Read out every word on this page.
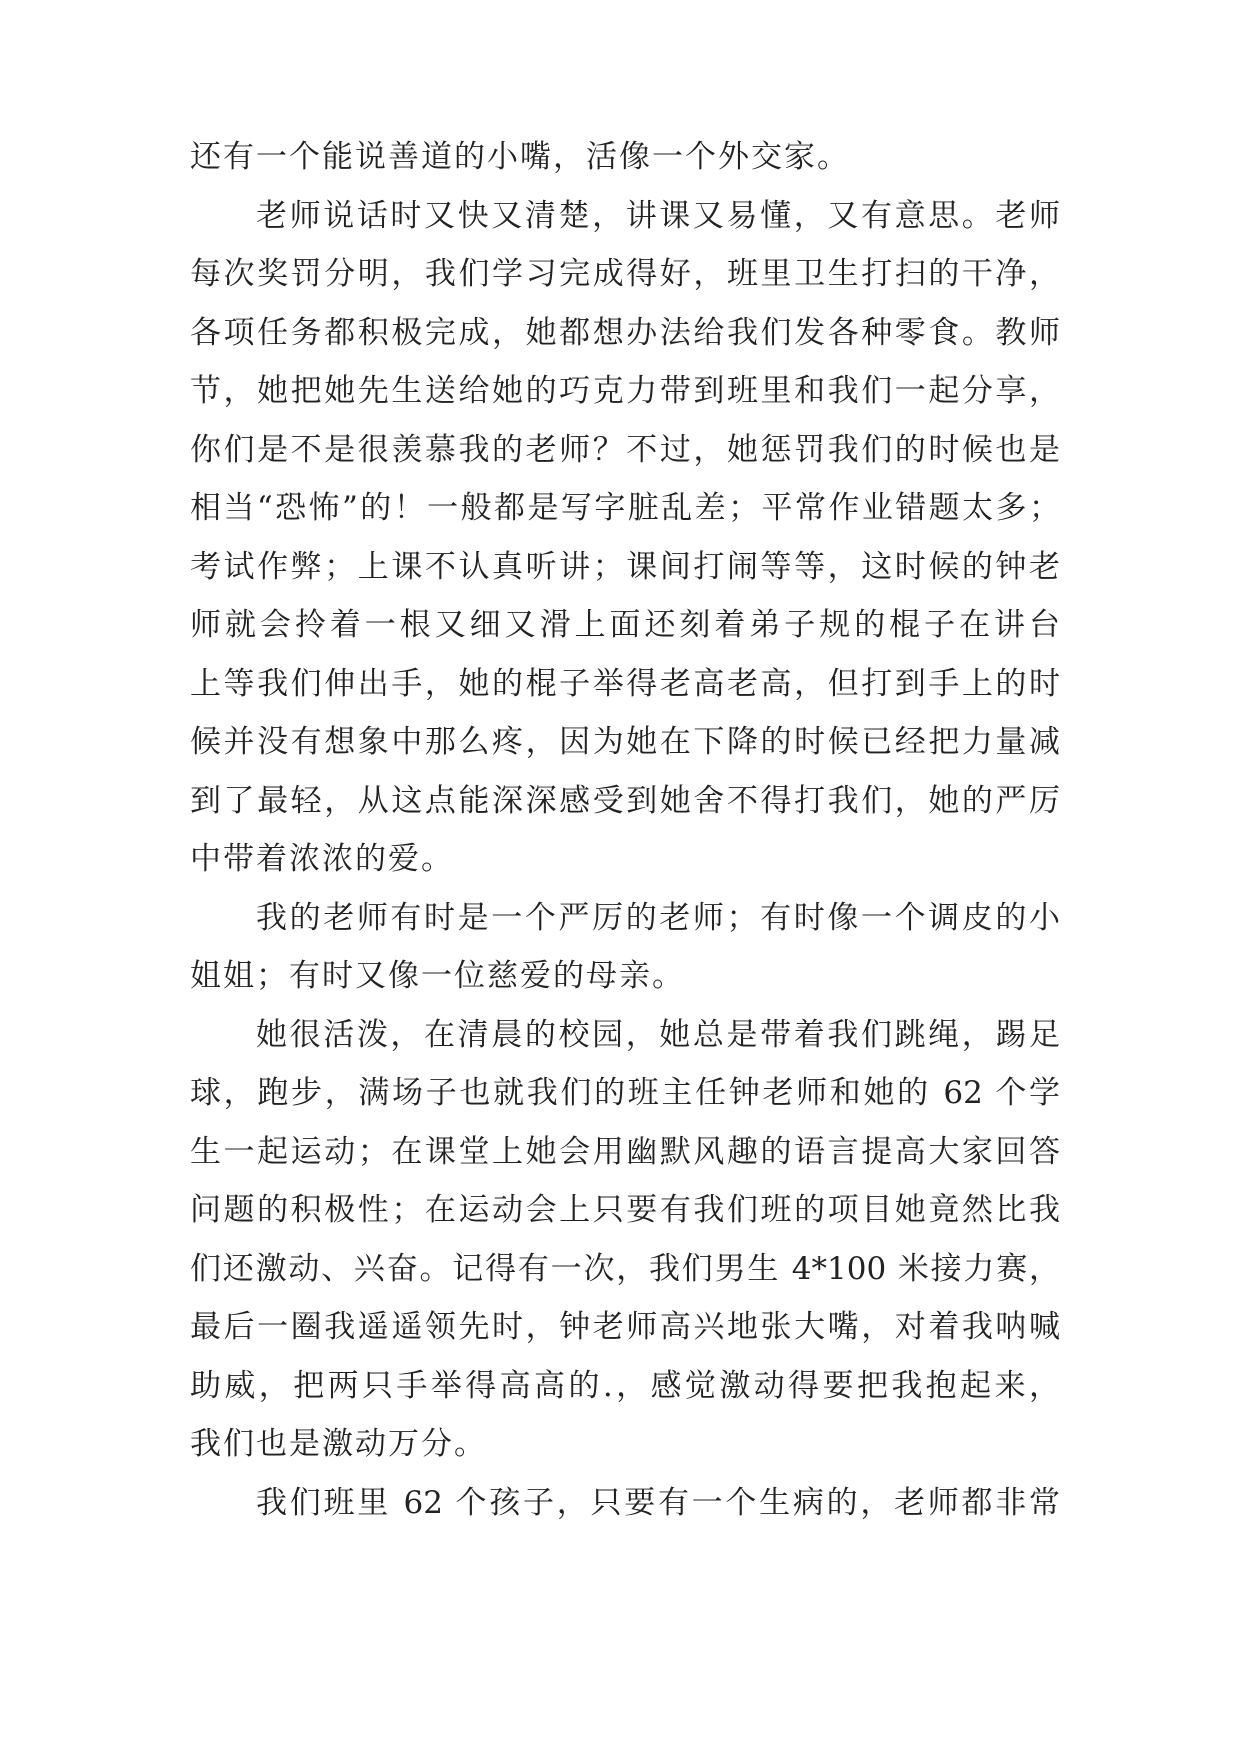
还有一个能说善道的小嘴，活像一个外交家。
老师说话时又快又清楚，讲课又易懂，又有意思。老师
每次奖罚分明，我们学习完成得好，班里卫生打扫的干净，
各项任务都积极完成，她都想办法给我们发各种零食。教师
节，她把她先生送给她的巧克力带到班里和我们一起分享，
你们是不是很羡慕我的老师？不过，她惩罚我们的时候也是
相当“恐怖”的！一般都是写字脏乱差；平常作业错题太多；
考试作弊；上课不认真听讲；课间打闹等等，这时候的钟老
师就会拎着一根又细又滑上面还刻着弟子规的棍子在讲台
上等我们伸出手，她的棍子举得老高老高，但打到手上的时
候并没有想象中那么疼，因为她在下降的时候已经把力量减
到了最轻，从这点能深深感受到她舍不得打我们，她的严厉
中带着浓浓的爱。
我的老师有时是一个严厉的老师；有时像一个调皮的小
姐姐；有时又像一位慈爱的母亲。
她很活泼，在清晨的校园，她总是带着我们跳绳，踢足
球，跑步，满场子也就我们的班主任钟老师和她的 62 个学
生一起运动；在课堂上她会用幽默风趣的语言提高大家回答
问题的积极性；在运动会上只要有我们班的项目她竟然比我
们还激动、兴奋。记得有一次，我们男生 4*100 米接力赛，
最后一圈我遥遥领先时，钟老师高兴地张大嘴，对着我呐喊
助威，把两只手举得高高的.，感觉激动得要把我抱起来，
我们也是激动万分。
我们班里 62 个孩子，只要有一个生病的，老师都非常
